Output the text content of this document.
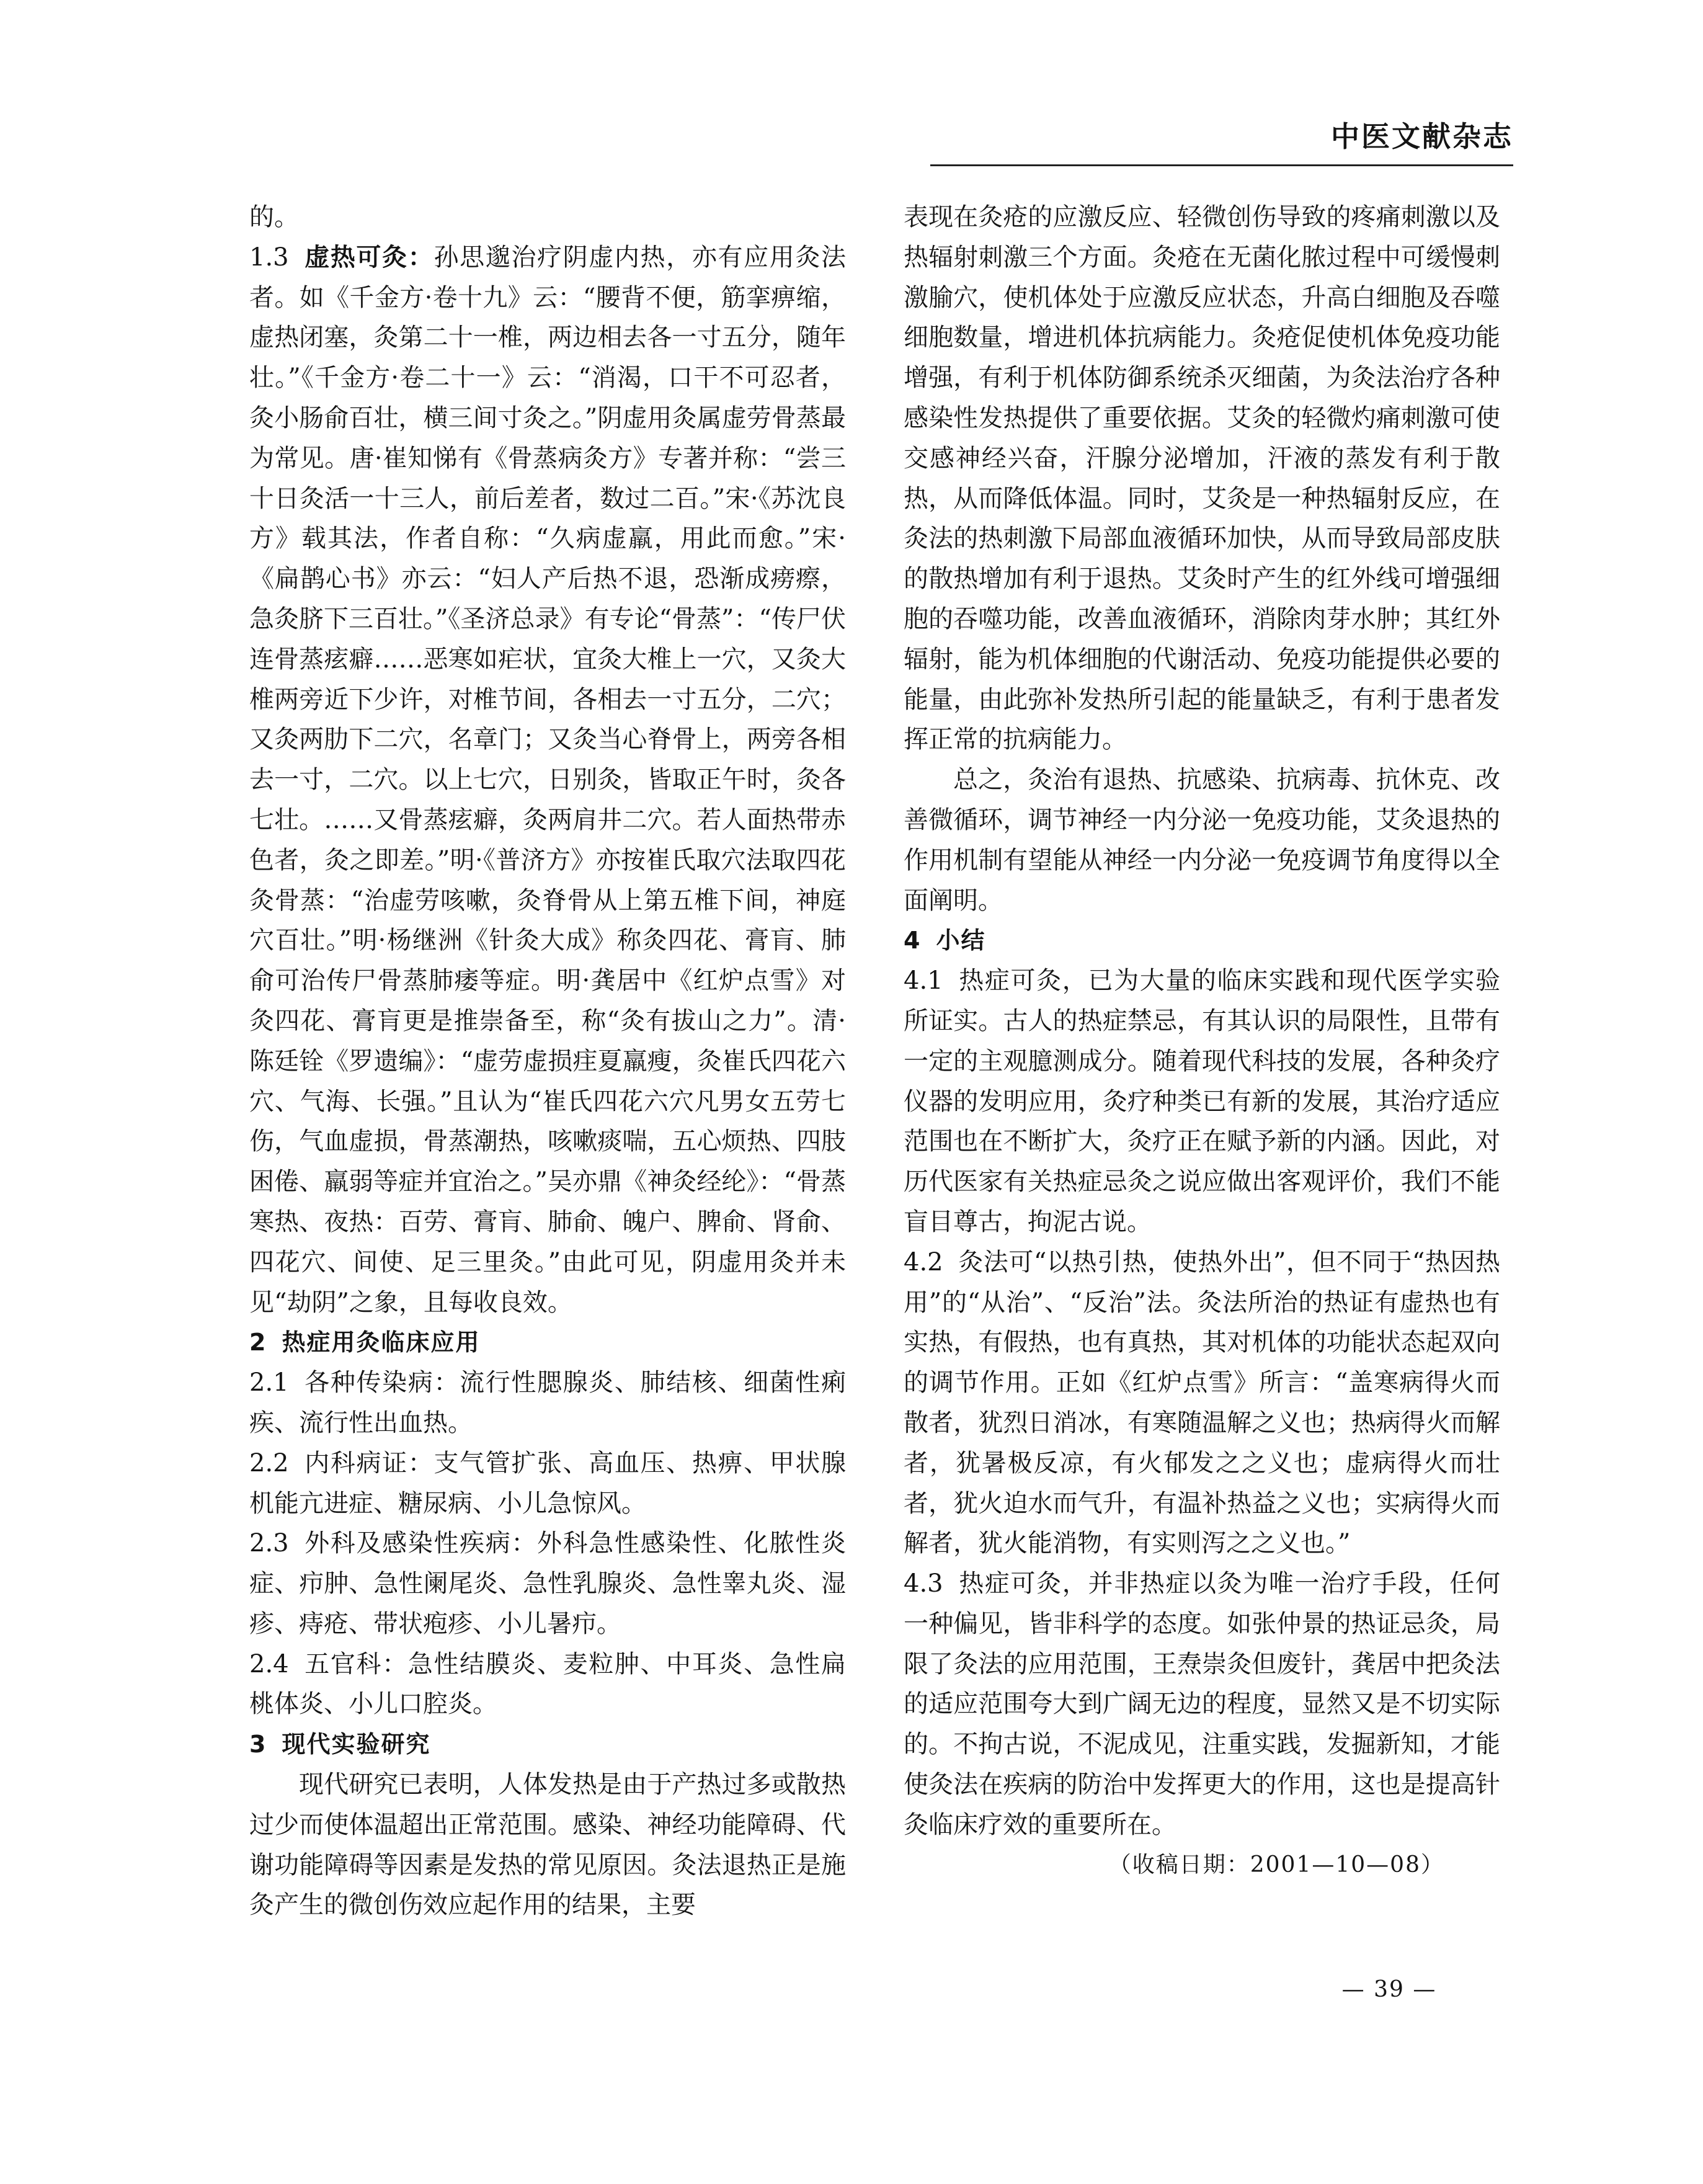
中医文献杂志

的。

1.3 虚热可灸：孙思邈治疗阴虚内热，亦有应用灸法者。如《千金方·卷十九》云：“腰背不便，筋挛痹缩，虚热闭塞，灸第二十一椎，两边相去各一寸五分，随年壮。”《千金方·卷二十一》云：“消渴，口干不可忍者，灸小肠俞百壮，横三间寸灸之。”阴虚用灸属虚劳骨蒸最为常见。唐·崔知悌有《骨蒸病灸方》专著并称：“尝三十日灸活一十三人，前后差者，数过二百。”宋·《苏沈良方》载其法，作者自称：“久病虚羸，用此而愈。”宋·《扁鹊心书》亦云：“妇人产后热不退，恐渐成痨瘵，急灸脐下三百壮。”《圣济总录》有专论“骨蒸”：“传尸伏连骨蒸痃癖……恶寒如疟状，宜灸大椎上一穴，又灸大椎两旁近下少许，对椎节间，各相去一寸五分，二穴；又灸两肋下二穴，名章门；又灸当心脊骨上，两旁各相去一寸，二穴。以上七穴，日别灸，皆取正午时，灸各七壮。……又骨蒸痃癖，灸两肩井二穴。若人面热带赤色者，灸之即差。”明·《普济方》亦按崔氏取穴法取四花灸骨蒸：“治虚劳咳嗽，灸脊骨从上第五椎下间，神庭穴百壮。”明·杨继洲《针灸大成》称灸四花、膏肓、肺俞可治传尸骨蒸肺痿等症。明·龚居中《红炉点雪》对灸四花、膏肓更是推崇备至，称“灸有拔山之力”。清·陈廷铨《罗遗编》：“虚劳虚损疰夏羸瘦，灸崔氏四花六穴、气海、长强。”且认为“崔氏四花六穴凡男女五劳七伤，气血虚损，骨蒸潮热，咳嗽痰喘，五心烦热、四肢困倦、羸弱等症并宜治之。”吴亦鼎《神灸经纶》：“骨蒸寒热、夜热：百劳、膏肓、肺俞、魄户、脾俞、肾俞、四花穴、间使、足三里灸。”由此可见，阴虚用灸并未见“劫阴”之象，且每收良效。

2 热症用灸临床应用

2.1 各种传染病：流行性腮腺炎、肺结核、细菌性痢疾、流行性出血热。

2.2 内科病证：支气管扩张、高血压、热痹、甲状腺机能亢进症、糖尿病、小儿急惊风。

2.3 外科及感染性疾病：外科急性感染性、化脓性炎症、疖肿、急性阑尾炎、急性乳腺炎、急性睾丸炎、湿疹、痔疮、带状疱疹、小儿暑疖。

2.4 五官科：急性结膜炎、麦粒肿、中耳炎、急性扁桃体炎、小儿口腔炎。

3 现代实验研究

现代研究已表明，人体发热是由于产热过多或散热过少而使体温超出正常范围。感染、神经功能障碍、代谢功能障碍等因素是发热的常见原因。灸法退热正是施灸产生的微创伤效应起作用的结果，主要

表现在灸疮的应激反应、轻微创伤导致的疼痛刺激以及热辐射刺激三个方面。灸疮在无菌化脓过程中可缓慢刺激腧穴，使机体处于应激反应状态，升高白细胞及吞噬细胞数量，增进机体抗病能力。灸疮促使机体免疫功能增强，有利于机体防御系统杀灭细菌，为灸法治疗各种感染性发热提供了重要依据。艾灸的轻微灼痛刺激可使交感神经兴奋，汗腺分泌增加，汗液的蒸发有利于散热，从而降低体温。同时，艾灸是一种热辐射反应，在灸法的热刺激下局部血液循环加快，从而导致局部皮肤的散热增加有利于退热。艾灸时产生的红外线可增强细胞的吞噬功能，改善血液循环，消除肉芽水肿；其红外辐射，能为机体细胞的代谢活动、免疫功能提供必要的能量，由此弥补发热所引起的能量缺乏，有利于患者发挥正常的抗病能力。

总之，灸治有退热、抗感染、抗病毒、抗休克、改善微循环，调节神经一内分泌一免疫功能，艾灸退热的作用机制有望能从神经一内分泌一免疫调节角度得以全面阐明。

4 小结

4.1 热症可灸，已为大量的临床实践和现代医学实验所证实。古人的热症禁忌，有其认识的局限性，且带有一定的主观臆测成分。随着现代科技的发展，各种灸疗仪器的发明应用，灸疗种类已有新的发展，其治疗适应范围也在不断扩大，灸疗正在赋予新的内涵。因此，对历代医家有关热症忌灸之说应做出客观评价，我们不能盲目尊古，拘泥古说。

4.2 灸法可“以热引热，使热外出”，但不同于“热因热用”的“从治”、“反治”法。灸法所治的热证有虚热也有实热，有假热，也有真热，其对机体的功能状态起双向的调节作用。正如《红炉点雪》所言：“盖寒病得火而散者，犹烈日消冰，有寒随温解之义也；热病得火而解者，犹暑极反凉，有火郁发之之义也；虚病得火而壮者，犹火迫水而气升，有温补热益之义也；实病得火而解者，犹火能消物，有实则泻之之义也。”

4.3 热症可灸，并非热症以灸为唯一治疗手段，任何一种偏见，皆非科学的态度。如张仲景的热证忌灸，局限了灸法的应用范围，王焘崇灸但废针，龚居中把灸法的适应范围夸大到广阔无边的程度，显然又是不切实际的。不拘古说，不泥成见，注重实践，发掘新知，才能使灸法在疾病的防治中发挥更大的作用，这也是提高针灸临床疗效的重要所在。

（收稿日期：2001—10—08）

— 39 —
